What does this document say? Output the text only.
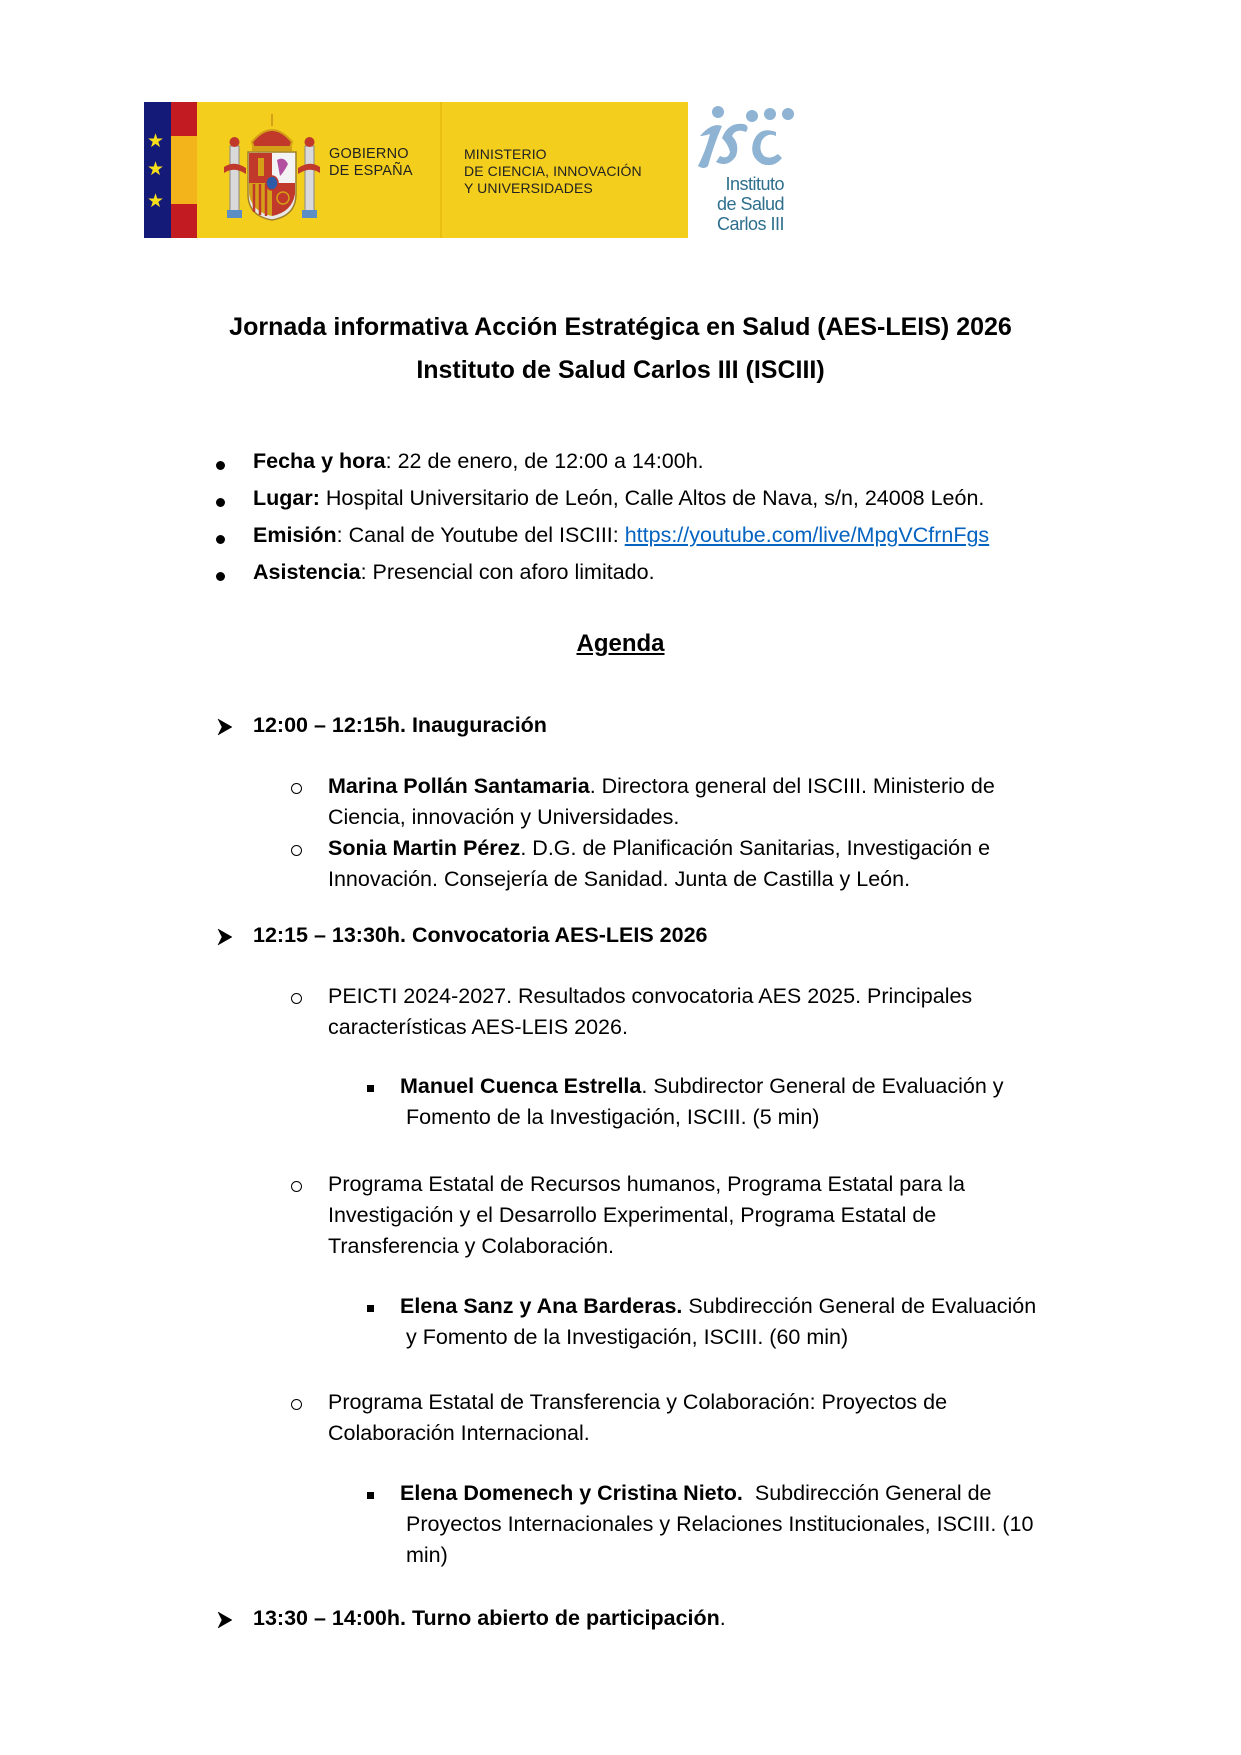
★
★
★
GOBIERNO
DE ESPAÑA
MINISTERIO
DE CIENCIA, INNOVACIÓN
Y UNIVERSIDADES	Instituto
de Salud
Carlos III
Jornada informativa Acción Estratégica en Salud (AES-LEIS) 2026
Instituto de Salud Carlos III (ISCIII)
Fecha y hora: 22 de enero, de 12:00 a 14:00h.
Lugar: Hospital Universitario de León, Calle Altos de Nava, s/n, 24008 León.
Emisión: Canal de Youtube del ISCIII: https://youtube.com/live/MpgVCfrnFgs
Asistencia: Presencial con aforo limitado.
Agenda
12:00 – 12:15h. Inauguración
Marina Pollán Santamaria. Directora general del ISCIII. Ministerio de
Ciencia, innovación y Universidades.
Sonia Martin Pérez. D.G. de Planificación Sanitarias, Investigación e
Innovación. Consejería de Sanidad. Junta de Castilla y León.
12:15 – 13:30h. Convocatoria AES-LEIS 2026
PEICTI 2024-2027. Resultados convocatoria AES 2025. Principales
características AES-LEIS 2026.
Manuel Cuenca Estrella. Subdirector General de Evaluación y
Fomento de la Investigación, ISCIII. (5 min)
Programa Estatal de Recursos humanos, Programa Estatal para la
Investigación y el Desarrollo Experimental, Programa Estatal de
Transferencia y Colaboración.
Elena Sanz y Ana Barderas. Subdirección General de Evaluación
y Fomento de la Investigación, ISCIII. (60 min)
Programa Estatal de Transferencia y Colaboración: Proyectos de
Colaboración Internacional.
Elena Domenech y Cristina Nieto.  Subdirección General de
Proyectos Internacionales y Relaciones Institucionales, ISCIII. (10
min)
13:30 – 14:00h. Turno abierto de participación.
